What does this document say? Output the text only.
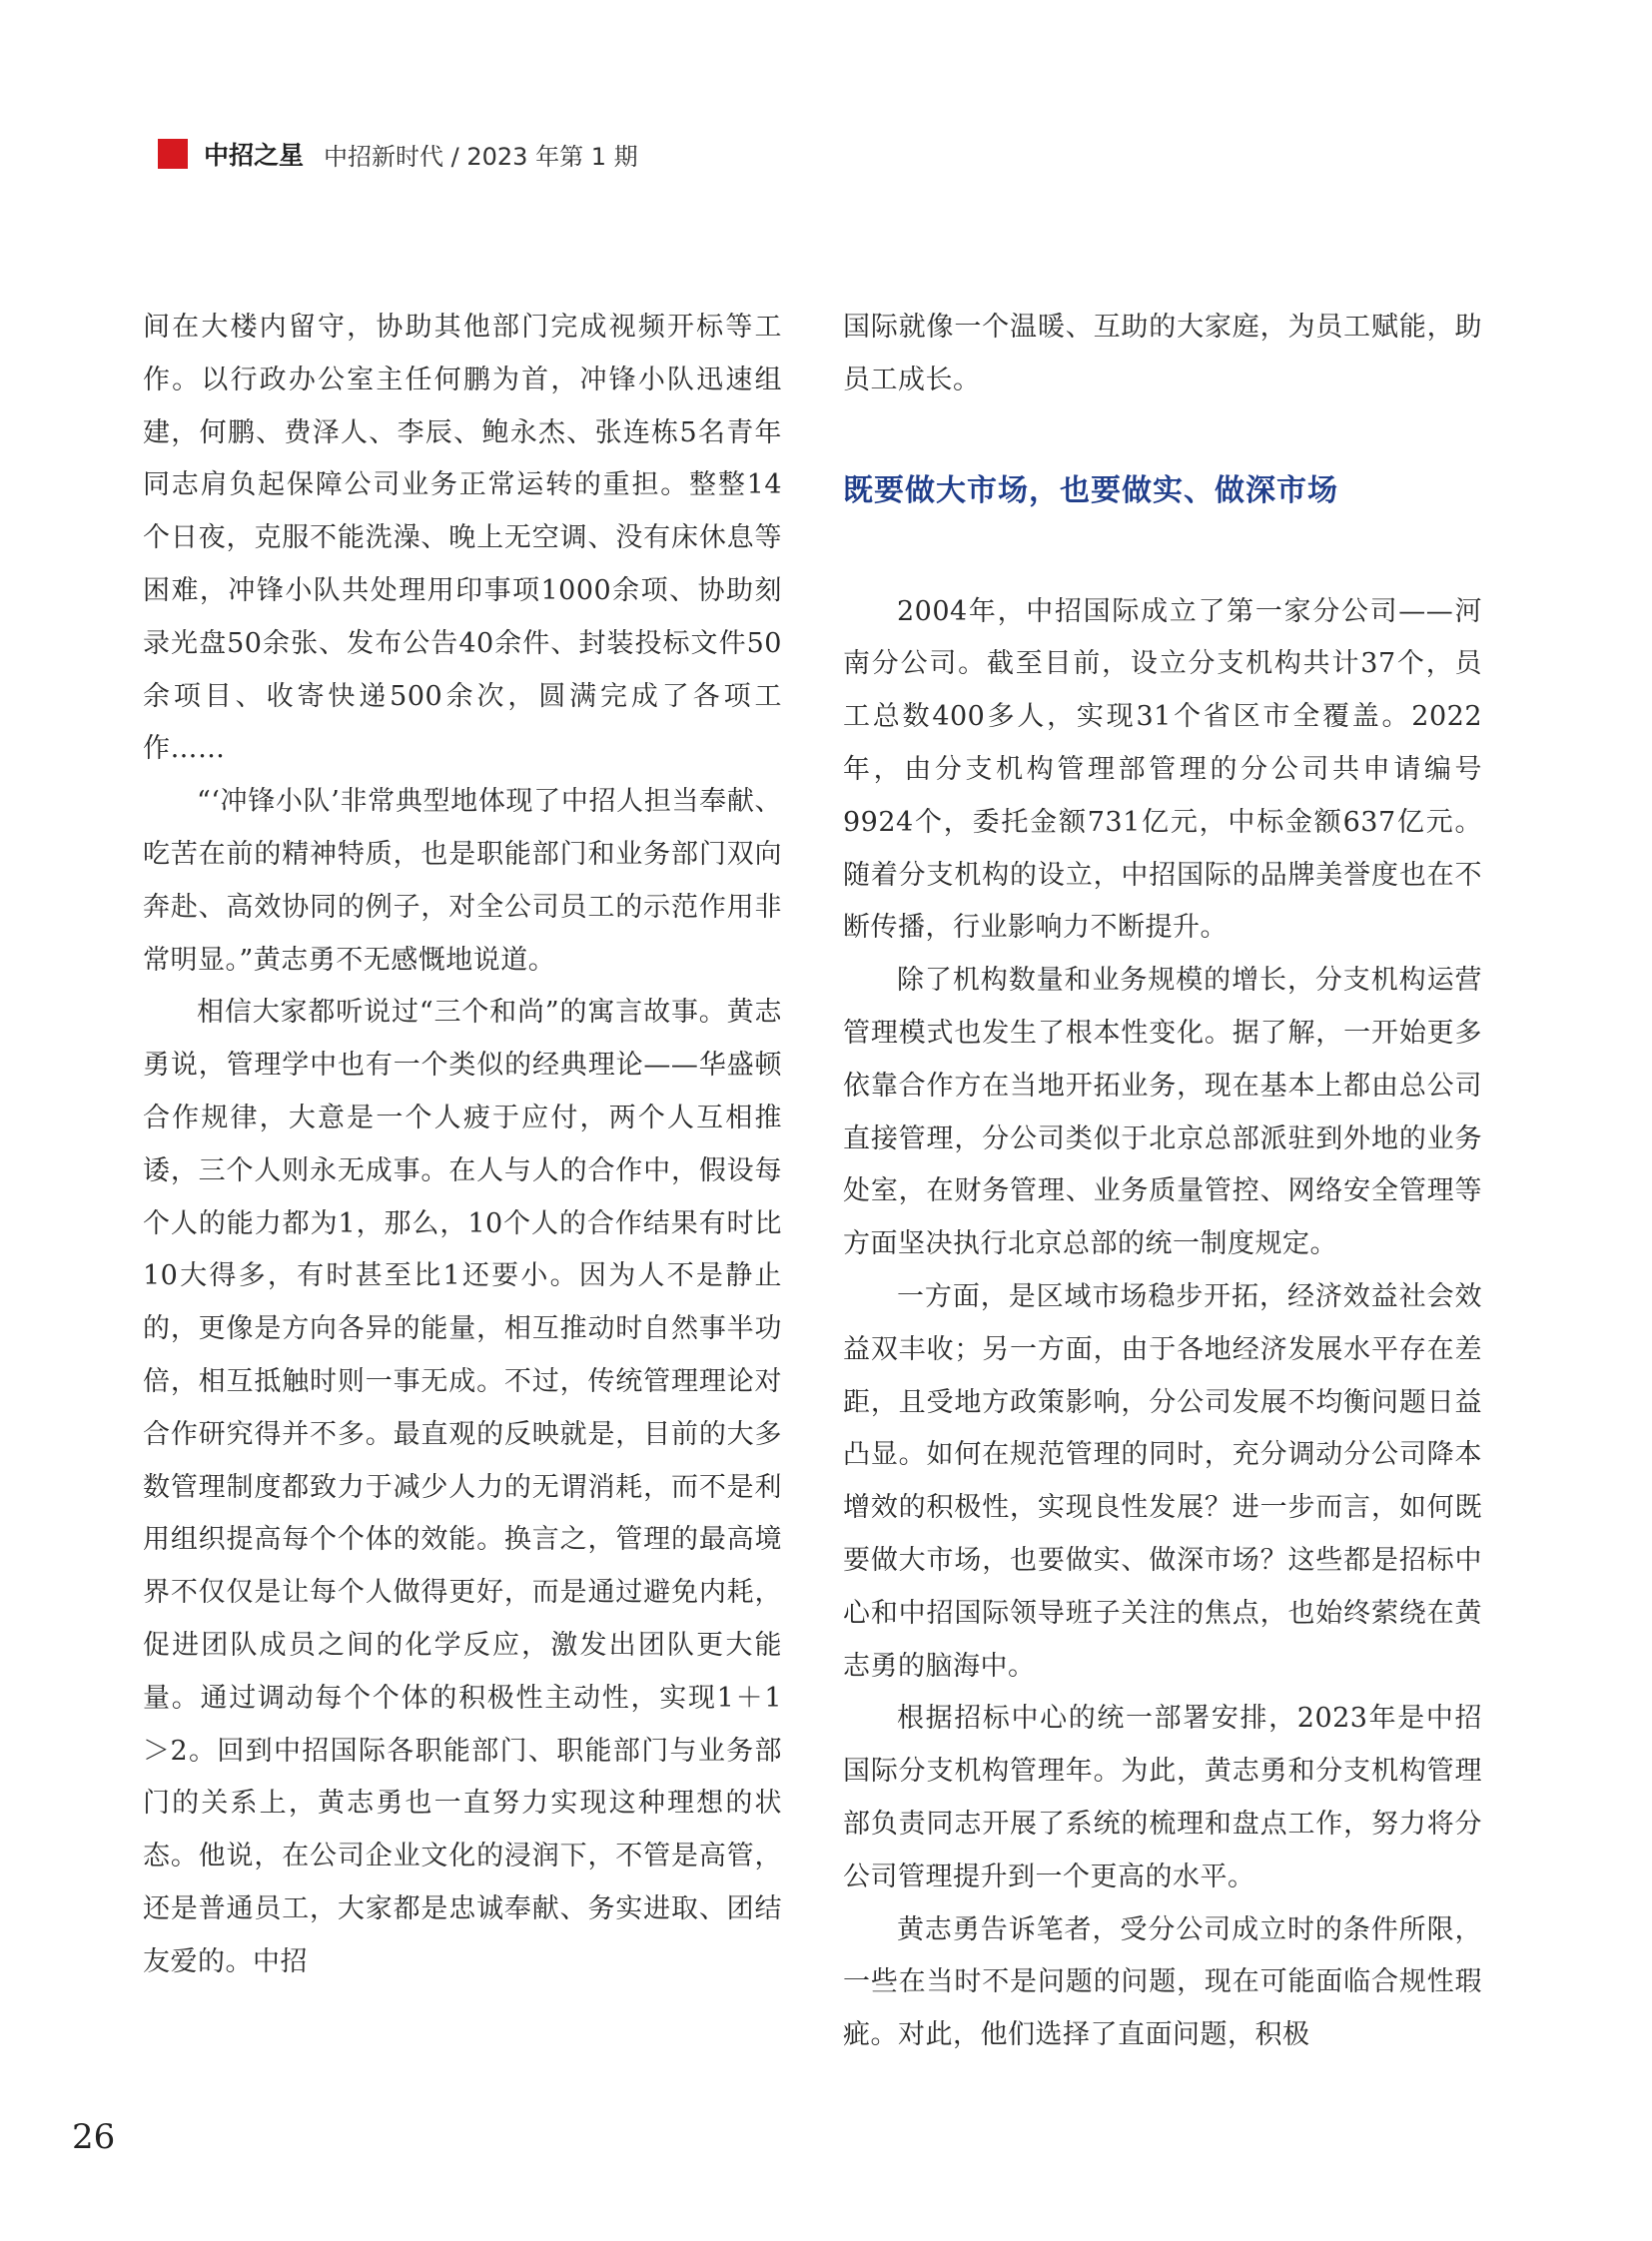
中招之星 中招新时代 / 2023 年第 1 期

间在大楼内留守，协助其他部门完成视频开标等工作。以行政办公室主任何鹏为首，冲锋小队迅速组建，何鹏、费泽人、李辰、鲍永杰、张连栋5名青年同志肩负起保障公司业务正常运转的重担。整整14个日夜，克服不能洗澡、晚上无空调、没有床休息等困难，冲锋小队共处理用印事项1000余项、协助刻录光盘50余张、发布公告40余件、封装投标文件50余项目、收寄快递500余次，圆满完成了各项工作……

“‘冲锋小队’非常典型地体现了中招人担当奉献、吃苦在前的精神特质，也是职能部门和业务部门双向奔赴、高效协同的例子，对全公司员工的示范作用非常明显。”黄志勇不无感慨地说道。

相信大家都听说过“三个和尚”的寓言故事。黄志勇说，管理学中也有一个类似的经典理论——华盛顿合作规律，大意是一个人疲于应付，两个人互相推诿，三个人则永无成事。在人与人的合作中，假设每个人的能力都为1，那么，10个人的合作结果有时比10大得多，有时甚至比1还要小。因为人不是静止的，更像是方向各异的能量，相互推动时自然事半功倍，相互抵触时则一事无成。不过，传统管理理论对合作研究得并不多。最直观的反映就是，目前的大多数管理制度都致力于减少人力的无谓消耗，而不是利用组织提高每个个体的效能。换言之，管理的最高境界不仅仅是让每个人做得更好，而是通过避免内耗，促进团队成员之间的化学反应，激发出团队更大能量。通过调动每个个体的积极性主动性，实现1＋1＞2。回到中招国际各职能部门、职能部门与业务部门的关系上，黄志勇也一直努力实现这种理想的状态。他说，在公司企业文化的浸润下，不管是高管，还是普通员工，大家都是忠诚奉献、务实进取、团结友爱的。中招

国际就像一个温暖、互助的大家庭，为员工赋能，助员工成长。

既要做大市场，也要做实、做深市场

2004年，中招国际成立了第一家分公司——河南分公司。截至目前，设立分支机构共计37个，员工总数400多人，实现31个省区市全覆盖。2022年，由分支机构管理部管理的分公司共申请编号9924个，委托金额731亿元，中标金额637亿元。随着分支机构的设立，中招国际的品牌美誉度也在不断传播，行业影响力不断提升。

除了机构数量和业务规模的增长，分支机构运营管理模式也发生了根本性变化。据了解，一开始更多依靠合作方在当地开拓业务，现在基本上都由总公司直接管理，分公司类似于北京总部派驻到外地的业务处室，在财务管理、业务质量管控、网络安全管理等方面坚决执行北京总部的统一制度规定。

一方面，是区域市场稳步开拓，经济效益社会效益双丰收；另一方面，由于各地经济发展水平存在差距，且受地方政策影响，分公司发展不均衡问题日益凸显。如何在规范管理的同时，充分调动分公司降本增效的积极性，实现良性发展？进一步而言，如何既要做大市场，也要做实、做深市场？这些都是招标中心和中招国际领导班子关注的焦点，也始终萦绕在黄志勇的脑海中。

根据招标中心的统一部署安排，2023年是中招国际分支机构管理年。为此，黄志勇和分支机构管理部负责同志开展了系统的梳理和盘点工作，努力将分公司管理提升到一个更高的水平。

黄志勇告诉笔者，受分公司成立时的条件所限，一些在当时不是问题的问题，现在可能面临合规性瑕疵。对此，他们选择了直面问题，积极

26
